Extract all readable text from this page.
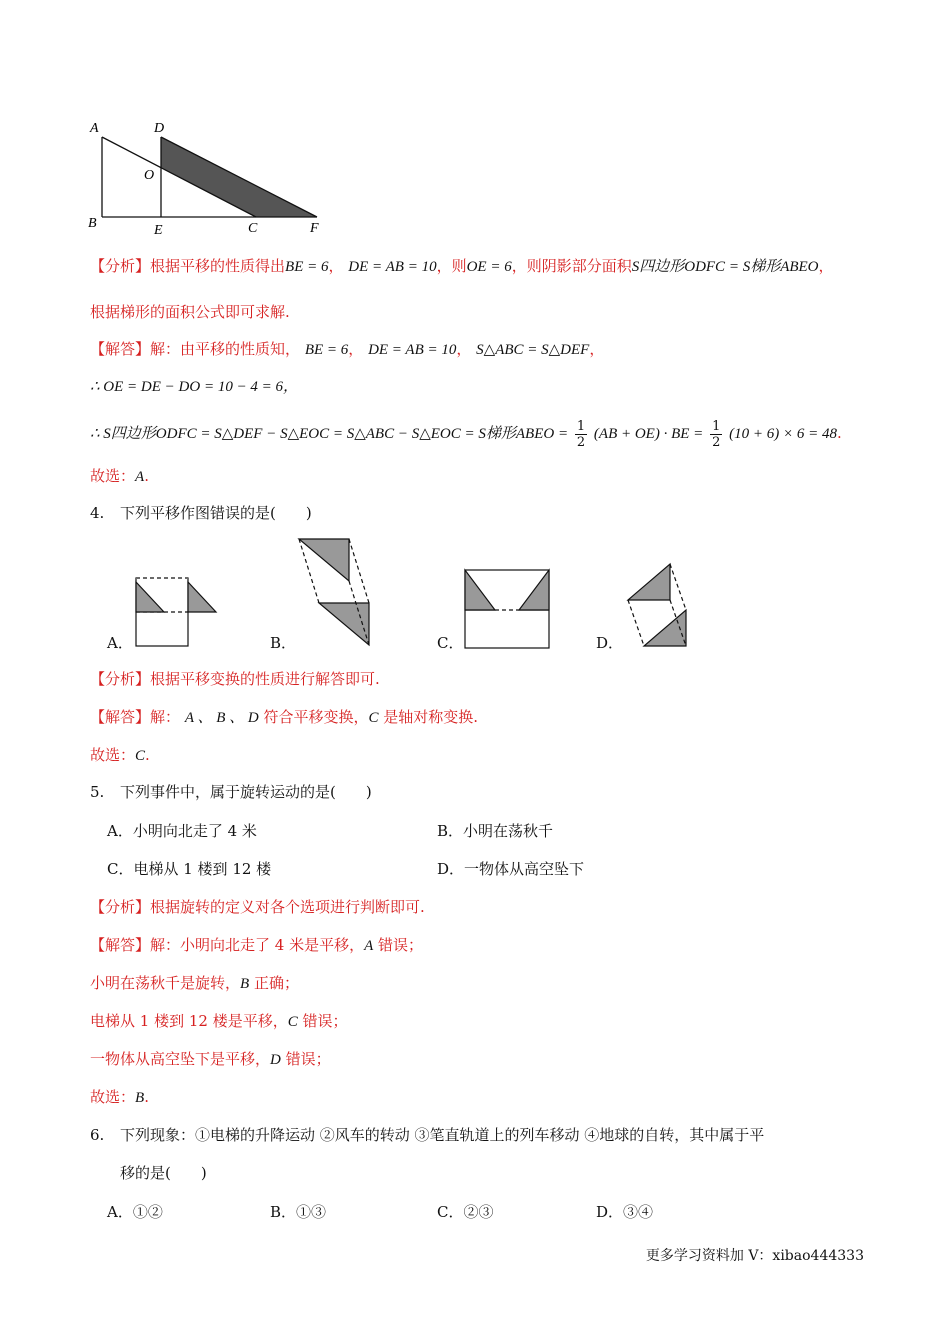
A	D
O
B	E	C	F
【分析】根据平移的性质得出BE = 6， DE = AB = 10，则OE = 6，则阴影部分面积S四边形ODFC = S梯形ABEO，
根据梯形的面积公式即可求解.
【解答】解：由平移的性质知， BE = 6， DE = AB = 10， S△ABC = S△DEF，
∴ OE = DE − DO = 10 − 4 = 6，
∴ S四边形ODFC = S△DEF − S△EOC = S△ABC − S△EOC = S梯形ABEO = $\frac{1}{2} (AB + OE)$ · BE = $\frac{1}{2} (10 + 6) \times 6 = 48$.
故选：A.
4. 下列平移作图错误的是(　　)
A．	B．	C．	D．
【分析】根据平移变换的性质进行解答即可.
【解答】解： A 、 B 、 D 符合平移变换，C 是轴对称变换.
故选：C.
5. 下列事件中，属于旋转运动的是(　　)
A．小明向北走了 4 米	B．小明在荡秋千
C．电梯从 1 楼到 12 楼	D．一物体从高空坠下
【分析】根据旋转的定义对各个选项进行判断即可.
【解答】解：小明向北走了 4 米是平移，A 错误；
小明在荡秋千是旋转，B 正确；
电梯从 1 楼到 12 楼是平移，C 错误；
一物体从高空坠下是平移，D 错误；
故选：B.
6. 下列现象：①电梯的升降运动 ②风车的转动 ③笔直轨道上的列车移动 ④地球的自转，其中属于平
移的是(　　)
A．①②	B．①③	C．②③	D．③④
更多学习资料加 V：xibao444333
